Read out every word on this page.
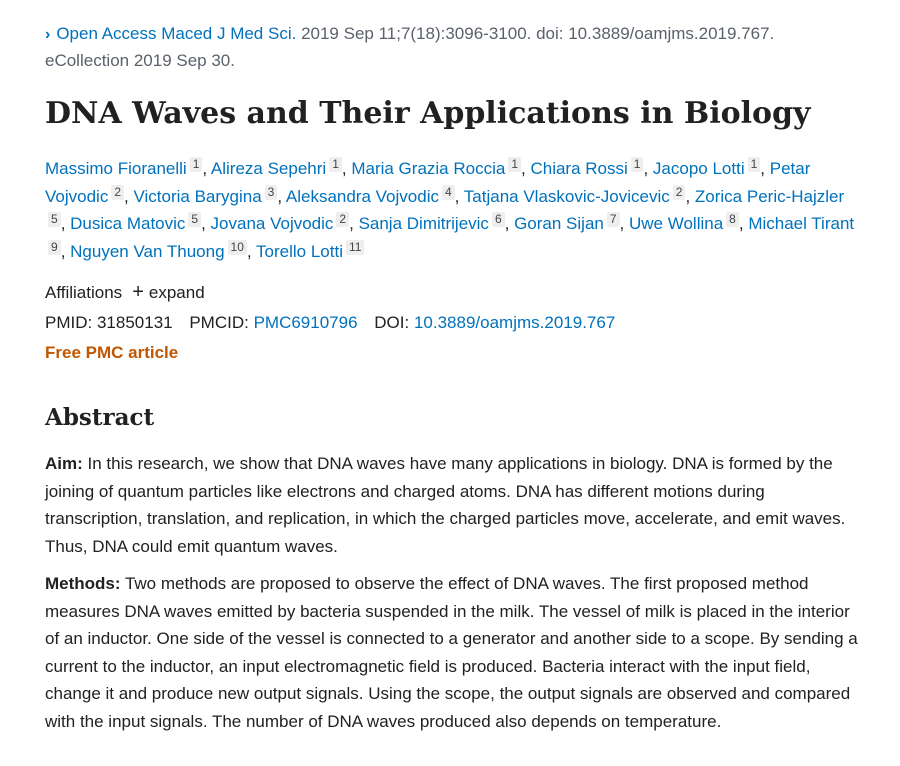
› Open Access Maced J Med Sci. 2019 Sep 11;7(18):3096-3100. doi: 10.3889/oamjms.2019.767.
eCollection 2019 Sep 30.
DNA Waves and Their Applications in Biology
Massimo Fioranelli 1 , Alireza Sepehri 1 , Maria Grazia Roccia 1 , Chiara Rossi 1 , Jacopo Lotti 1 , Petar Vojvodic 2 , Victoria Barygina 3 , Aleksandra Vojvodic 4 , Tatjana Vlaskovic-Jovicevic 2 , Zorica Peric-Hajzler5 , Dusica Matovic 5 , Jovana Vojvodic 2 , Sanja Dimitrijevic 6 , Goran Sijan 7 , Uwe Wollina 8 , Michael Tirant9 , Nguyen Van Thuong 10 , Torello Lotti 11
Affiliations + expand
PMID: 31850131 PMCID: PMC6910796 DOI: 10.3889/oamjms.2019.767
Free PMC article
Abstract

Aim: In this research, we show that DNA waves have many applications in biology. DNA is formed by the joining of quantum particles like electrons and charged atoms. DNA has different motions during transcription, translation, and replication, in which the charged particles move, accelerate, and emit waves. Thus, DNA could emit quantum waves.

Methods: Two methods are proposed to observe the effect of DNA waves. The first proposed method measures DNA waves emitted by bacteria suspended in the milk. The vessel of milk is placed in the interior of an inductor. One side of the vessel is connected to a generator and another side to a scope. By sending a current to the inductor, an input electromagnetic field is produced. Bacteria interact with the input field, change it and produce new output signals. Using the scope, the output signals are observed and compared with the input signals. The number of DNA waves produced also depends on temperature.
